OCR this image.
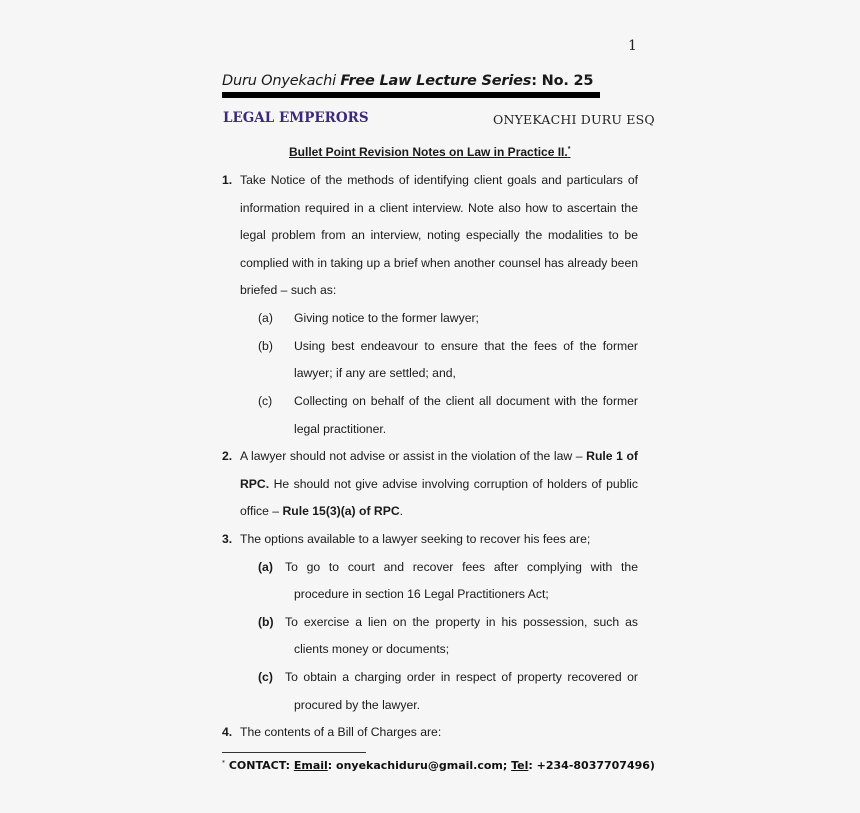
1
Duru Onyekachi Free Law Lecture Series: No. 25
LEGAL EMPERORS	ONYEKACHI DURU ESQ
Bullet Point Revision Notes on Law in Practice II.*
1. Take Notice of the methods of identifying client goals and particulars of
information required in a client interview. Note also how to ascertain the
legal problem from an interview, noting especially the modalities to be
complied with in taking up a brief when another counsel has already been
briefed – such as:
(a) Giving notice to the former lawyer;
(b) Using best endeavour to ensure that the fees of the former
lawyer; if any are settled; and,
(c) Collecting on behalf of the client all document with the former
legal practitioner.
2. A lawyer should not advise or assist in the violation of the law – Rule 1 of
RPC. He should not give advise involving corruption of holders of public
office – Rule 15(3)(a) of RPC.
3. The options available to a lawyer seeking to recover his fees are;
(a) To go to court and recover fees after complying with the
procedure in section 16 Legal Practitioners Act;
(b) To exercise a lien on the property in his possession, such as
clients money or documents;
(c) To obtain a charging order in respect of property recovered or
procured by the lawyer.
4. The contents of a Bill of Charges are:
* CONTACT: Email: onyekachiduru@gmail.com; Tel: +234-8037707496)
